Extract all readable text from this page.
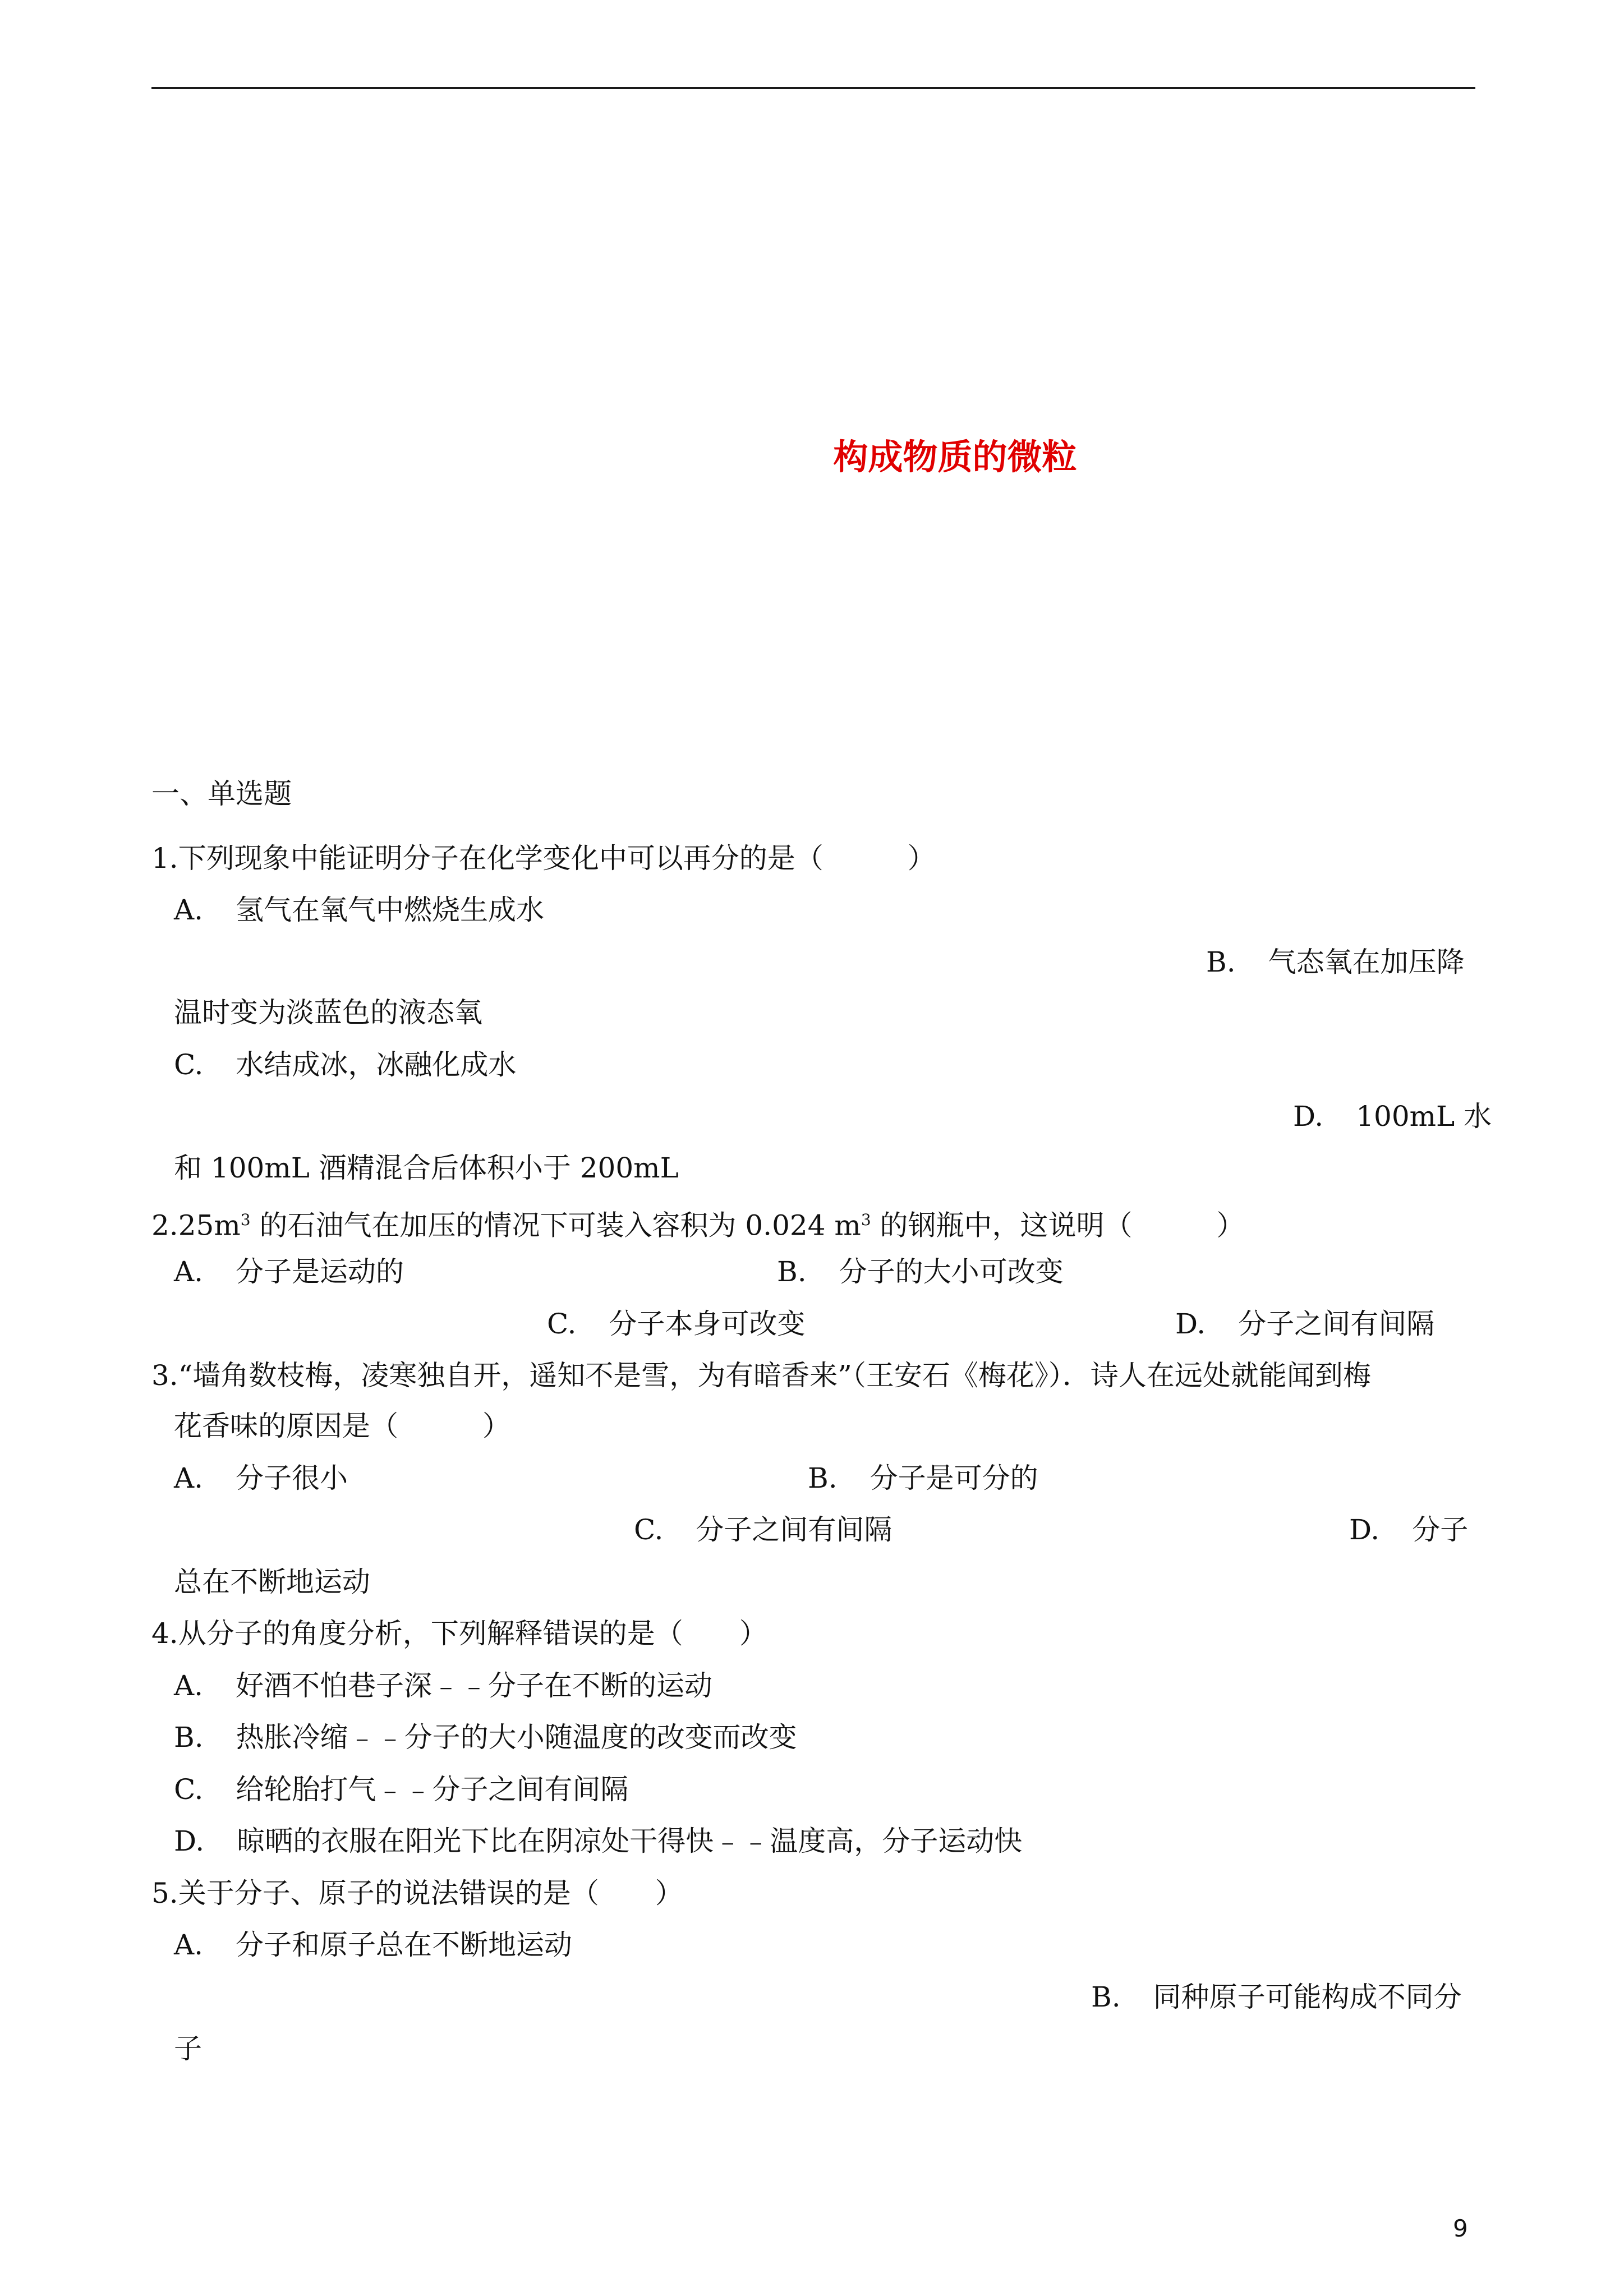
构成物质的微粒
一、单选题
1.下列现象中能证明分子在化学变化中可以再分的是（　　　）
A. 氢气在氧气中燃烧生成水
B. 气态氧在加压降
温时变为淡蓝色的液态氧
C. 水结成冰，冰融化成水
D. 100mL 水
和 100mL 酒精混合后体积小于 200mL
$2.25m^3$ 的石油气在加压的情况下可装入容积为 0.024 $m^3$ 的钢瓶中，这说明（　　　）
A. 分子是运动的	B. 分子的大小可改变
C. 分子本身可改变	D. 分子之间有间隔
3.“墙角数枝梅，凌寒独自开，遥知不是雪，为有暗香来”（王安石《梅花》）．诗人在远处就能闻到梅
花香味的原因是（　　　）
A. 分子很小	B. 分子是可分的
C. 分子之间有间隔	D. 分子
总在不断地运动
4.从分子的角度分析，下列解释错误的是（　　）
A. 好酒不怕巷子深﹣﹣分子在不断的运动
B. 热胀冷缩﹣﹣分子的大小随温度的改变而改变
C. 给轮胎打气﹣﹣分子之间有间隔
D. 晾晒的衣服在阳光下比在阴凉处干得快﹣﹣温度高，分子运动快
5.关于分子、原子的说法错误的是（　　）
A. 分子和原子总在不断地运动
B. 同种原子可能构成不同分
子
9
